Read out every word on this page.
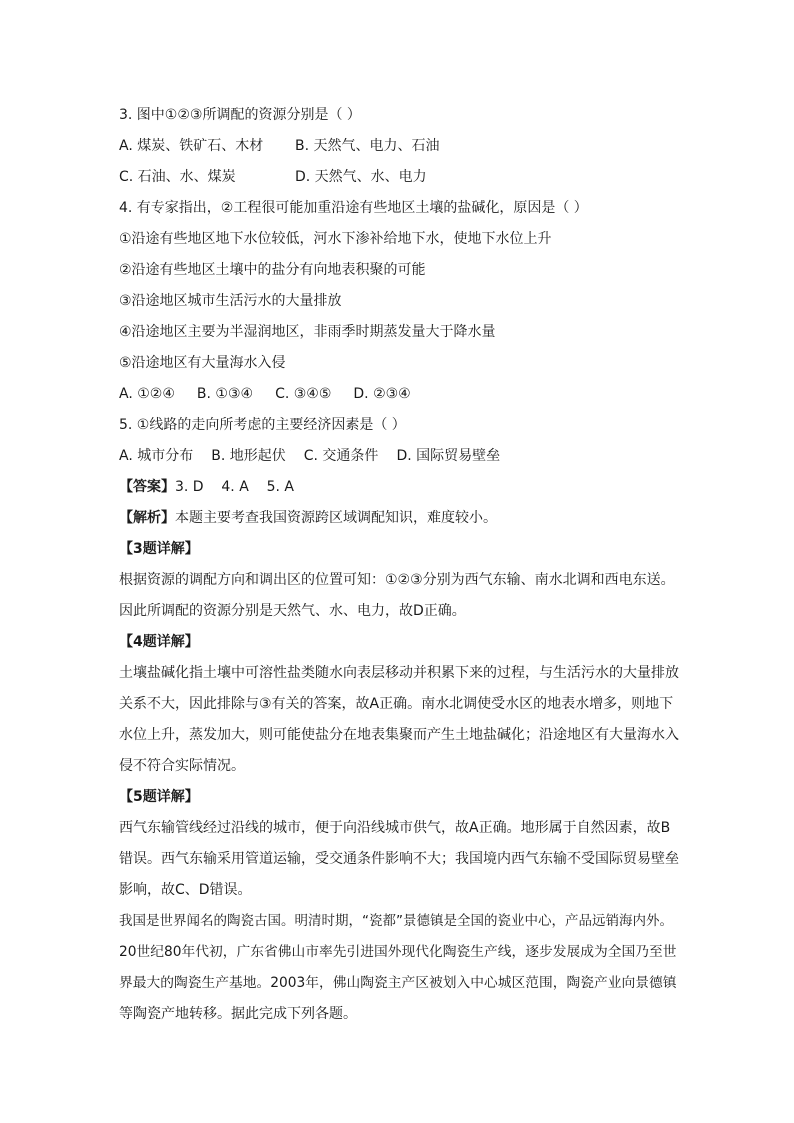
3. 图中①②③所调配的资源分别是（ ）

A. 煤炭、铁矿石、木材 B. 天然气、电力、石油

C. 石油、水、煤炭	D. 天然气、水、电力

4. 有专家指出，②工程很可能加重沿途有些地区土壤的盐碱化，原因是（ ）

①沿途有些地区地下水位较低，河水下渗补给地下水，使地下水位上升

②沿途有些地区土壤中的盐分有向地表积聚的可能

③沿途地区城市生活污水的大量排放

④沿途地区主要为半湿润地区，非雨季时期蒸发量大于降水量

⑤沿途地区有大量海水入侵

A. ①②④ B. ①③④ C. ③④⑤ D. ②③④

5. ①线路的走向所考虑的主要经济因素是（ ）

A. 城市分布 B. 地形起伏 C. 交通条件 D. 国际贸易壁垒

【答案】3. D    4. A    5. A

【解析】本题主要考查我国资源跨区域调配知识，难度较小。

【3题详解】

根据资源的调配方向和调出区的位置可知：①②③分别为西气东输、南水北调和西电东送。

因此所调配的资源分别是天然气、水、电力，故D正确。

【4题详解】

土壤盐碱化指土壤中可溶性盐类随水向表层移动并积累下来的过程，与生活污水的大量排放

关系不大，因此排除与③有关的答案，故A正确。南水北调使受水区的地表水增多，则地下

水位上升，蒸发加大，则可能使盐分在地表集聚而产生土地盐碱化；沿途地区有大量海水入

侵不符合实际情况。

【5题详解】

西气东输管线经过沿线的城市，便于向沿线城市供气，故A正确。地形属于自然因素，故B

错误。西气东输采用管道运输，受交通条件影响不大；我国境内西气东输不受国际贸易壁垒

影响，故C、D错误。

我国是世界闻名的陶瓷古国。明清时期，“瓷都”景德镇是全国的瓷业中心，产品远销海内外。

20世纪80年代初，广东省佛山市率先引进国外现代化陶瓷生产线，逐步发展成为全国乃至世

界最大的陶瓷生产基地。2003年，佛山陶瓷主产区被划入中心城区范围，陶瓷产业向景德镇

等陶瓷产地转移。据此完成下列各题。
